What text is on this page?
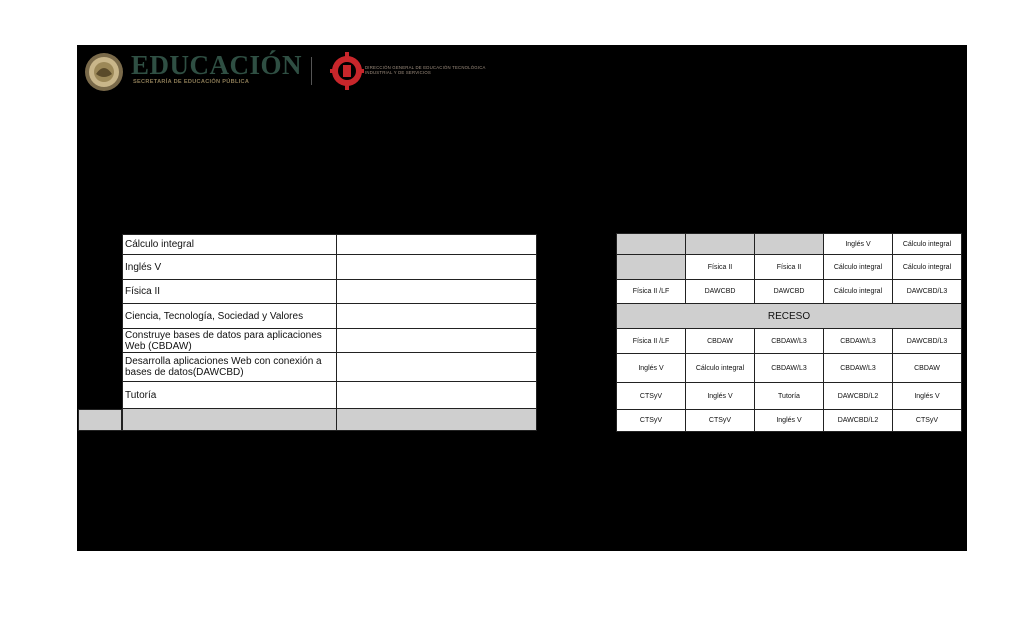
EDUCACIÓN
SECRETARÍA DE EDUCACIÓN PÚBLICA
DIRECCIÓN GENERAL DE EDUCACIÓN TECNOLÓGICA INDUSTRIAL Y DE SERVICIOS
Cálculo integral	
Inglés V	
Física II	
Ciencia, Tecnología, Sociedad y Valores	
Construye bases de datos para aplicaciones Web (CBDAW)	
Desarrolla aplicaciones Web con conexión a bases de datos(DAWCBD)	
Tutoría	

			Inglés V	Cálculo integral
	Física II	Física II	Cálculo integral	Cálculo integral
Física II /LF	DAWCBD	DAWCBD	Cálculo integral	DAWCBD/L3
RECESO				
Física II /LF	CBDAW	CBDAW/L3	CBDAW/L3	DAWCBD/L3
Inglés V	Cálculo integral	CBDAW/L3	CBDAW/L3	CBDAW
CTSyV	Inglés V	Tutoría	DAWCBD/L2	Inglés V
CTSyV	CTSyV	Inglés V	DAWCBD/L2	CTSyV
